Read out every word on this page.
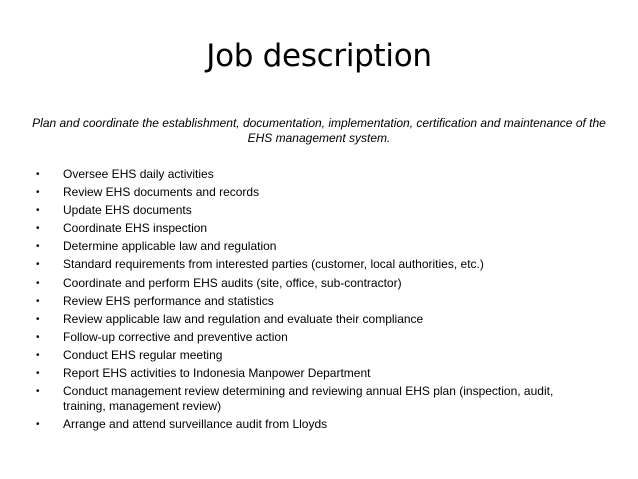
Job description
Plan and coordinate the establishment, documentation, implementation, certification and maintenance of the EHS management system.
• Oversee EHS daily activities
• Review EHS documents and records
• Update EHS documents
• Coordinate EHS inspection
• Determine applicable law and regulation
• Standard requirements from interested parties (customer, local authorities, etc.)
• Coordinate and perform EHS audits (site, office, sub-contractor)
• Review EHS performance and statistics
• Review applicable law and regulation and evaluate their compliance
• Follow-up corrective and preventive action
• Conduct EHS regular meeting
• Report EHS activities to Indonesia Manpower Department
• Conduct management review determining and reviewing annual EHS plan (inspection, audit, training, management review)
• Arrange and attend surveillance audit from Lloyds
